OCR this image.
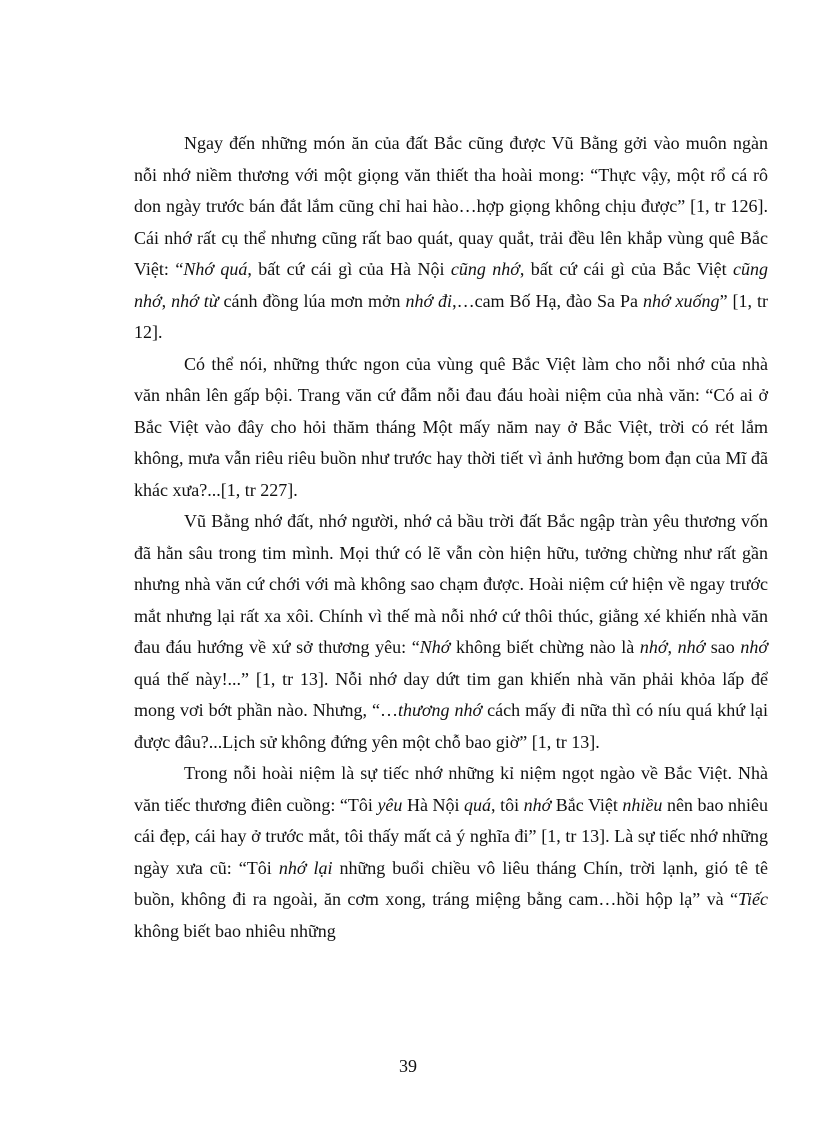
Ngay đến những món ăn của đất Bắc cũng được Vũ Bằng gởi vào muôn ngàn nỗi nhớ niềm thương với một giọng văn thiết tha hoài mong: “Thực vậy, một rổ cá rô don ngày trước bán đắt lắm cũng chỉ hai hào…hợp giọng không chịu được” [1, tr 126]. Cái nhớ rất cụ thể nhưng cũng rất bao quát, quay quắt, trải đều lên khắp vùng quê Bắc Việt: “Nhớ quá, bất cứ cái gì của Hà Nội cũng nhớ, bất cứ cái gì của Bắc Việt cũng nhớ, nhớ từ cánh đồng lúa mơn mởn nhớ đi,…cam Bố Hạ, đào Sa Pa nhớ xuống” [1, tr 12].

Có thể nói, những thức ngon của vùng quê Bắc Việt làm cho nỗi nhớ của nhà văn nhân lên gấp bội. Trang văn cứ đẫm nỗi đau đáu hoài niệm của nhà văn: “Có ai ở Bắc Việt vào đây cho hỏi thăm tháng Một mấy năm nay ở Bắc Việt, trời có rét lắm không, mưa vẫn riêu riêu buồn như trước hay thời tiết vì ảnh hưởng bom đạn của Mĩ đã khác xưa?...[1, tr 227].

Vũ Bằng nhớ đất, nhớ người, nhớ cả bầu trời đất Bắc ngập tràn yêu thương vốn đã hằn sâu trong tim mình. Mọi thứ có lẽ vẫn còn hiện hữu, tưởng chừng như rất gần nhưng nhà văn cứ chới với mà không sao chạm được. Hoài niệm cứ hiện về ngay trước mắt nhưng lại rất xa xôi. Chính vì thế mà nỗi nhớ cứ thôi thúc, giằng xé khiến nhà văn đau đáu hướng về xứ sở thương yêu: “Nhớ không biết chừng nào là nhớ, nhớ sao nhớ quá thế này!...” [1, tr 13]. Nỗi nhớ day dứt tim gan khiến nhà văn phải khỏa lấp để mong vơi bớt phần nào. Nhưng, “…thương nhớ cách mấy đi nữa thì có níu quá khứ lại được đâu?...Lịch sử không đứng yên một chỗ bao giờ” [1, tr 13].

Trong nỗi hoài niệm là sự tiếc nhớ những kỉ niệm ngọt ngào về Bắc Việt. Nhà văn tiếc thương điên cuồng: “Tôi yêu Hà Nội quá, tôi nhớ Bắc Việt nhiều nên bao nhiêu cái đẹp, cái hay ở trước mắt, tôi thấy mất cả ý nghĩa đi” [1, tr 13]. Là sự tiếc nhớ những ngày xưa cũ: “Tôi nhớ lại những buổi chiều vô liêu tháng Chín, trời lạnh, gió tê tê buồn, không đi ra ngoài, ăn cơm xong, tráng miệng bằng cam…hồi hộp lạ” và “Tiếc không biết bao nhiêu những

39
